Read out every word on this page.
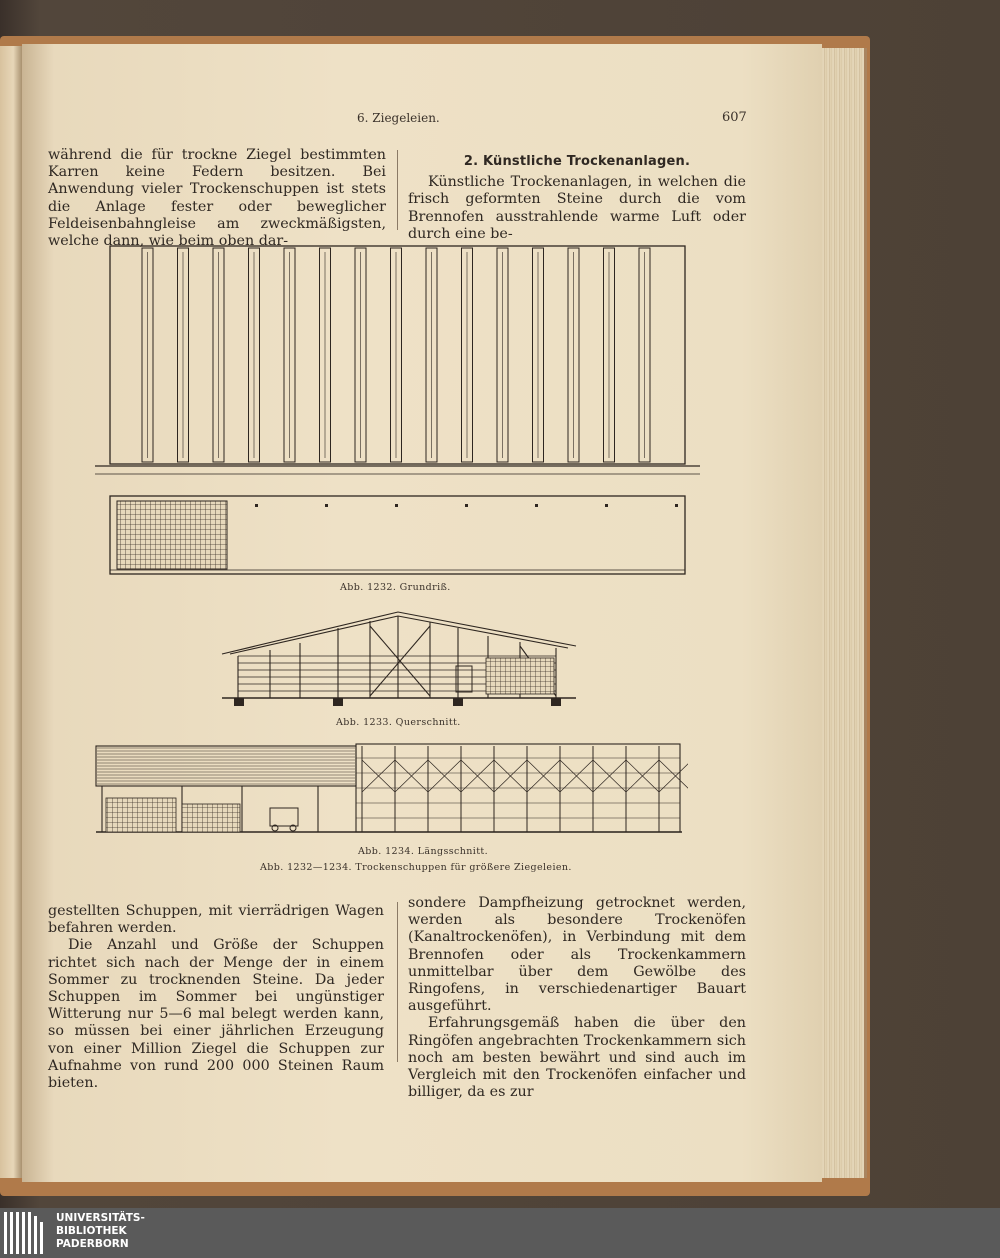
6. Ziegeleien.	607

während die für trockne Ziegel bestimmten Karren keine Federn besitzen. Bei Anwendung vieler Trockenschuppen ist stets die Anlage fester oder beweglicher Feldeisenbahngleise am zweckmäßigsten, welche dann, wie beim oben dar-

2. Künstliche Trockenanlagen.

Künstliche Trockenanlagen, in welchen die frisch geformten Steine durch die vom Brennofen ausstrahlende warme Luft oder durch eine be-

Abb. 1232. Grundriß.
Abb. 1233. Querschnitt.
Abb. 1234. Längsschnitt.
Abb. 1232—1234. Trockenschuppen für größere Ziegeleien.

gestellten Schuppen, mit vierrädrigen Wagen befahren werden.

Die Anzahl und Größe der Schuppen richtet sich nach der Menge der in einem Sommer zu trocknenden Steine. Da jeder Schuppen im Sommer bei ungünstiger Witterung nur 5—6 mal belegt werden kann, so müssen bei einer jährlichen Erzeugung von einer Million Ziegel die Schuppen zur Aufnahme von rund 200 000 Steinen Raum bieten.

sondere Dampfheizung getrocknet werden, werden als besondere Trockenöfen (Kanaltrockenöfen), in Verbindung mit dem Brennofen oder als Trockenkammern unmittelbar über dem Gewölbe des Ringofens, in verschiedenartiger Bauart ausgeführt.

Erfahrungsgemäß haben die über den Ringöfen angebrachten Trockenkammern sich noch am besten bewährt und sind auch im Vergleich mit den Trockenöfen einfacher und billiger, da es zur

UNIVERSITÄTS-
BIBLIOTHEK
PADERBORN
